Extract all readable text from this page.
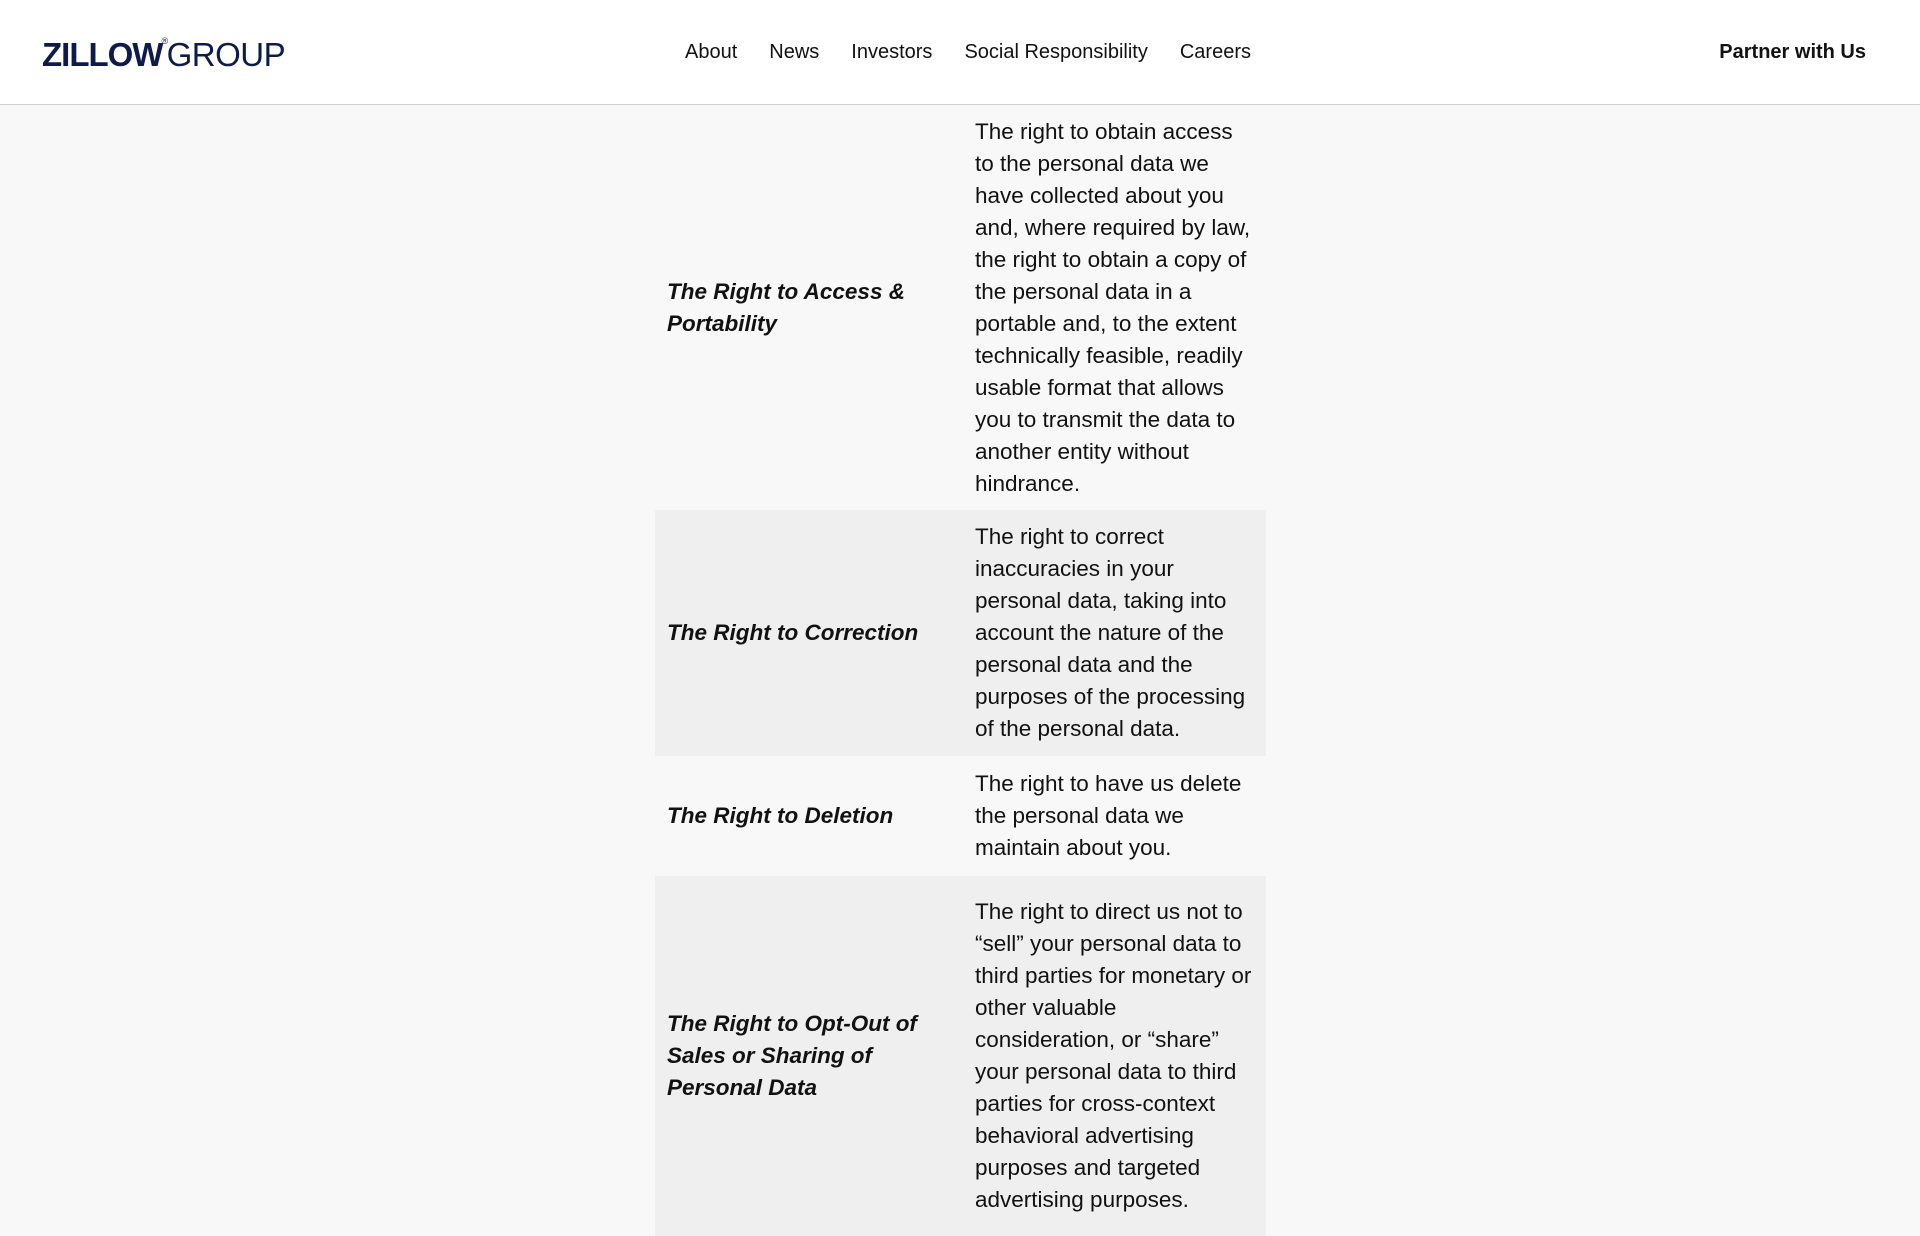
ZILLOW ® GROUP	About News Investors Social Responsibility Careers	Partner with Us
The Right to Access & Portability	The right to obtain access to the personal data we have collected about you and, where required by law, the right to obtain a copy of the personal data in a portable and, to the extent technically feasible, readily usable format that allows you to transmit the data to another entity without hindrance.
The Right to Correction	The right to correct inaccuracies in your personal data, taking into account the nature of the personal data and the purposes of the processing of the personal data.
The Right to Deletion	The right to have us delete the personal data we maintain about you.
The Right to Opt-Out of Sales or Sharing of Personal Data	The right to direct us not to “sell” your personal data to third parties for monetary or other valuable consideration, or “share” your personal data to third parties for cross-context behavioral advertising purposes and targeted advertising purposes.
